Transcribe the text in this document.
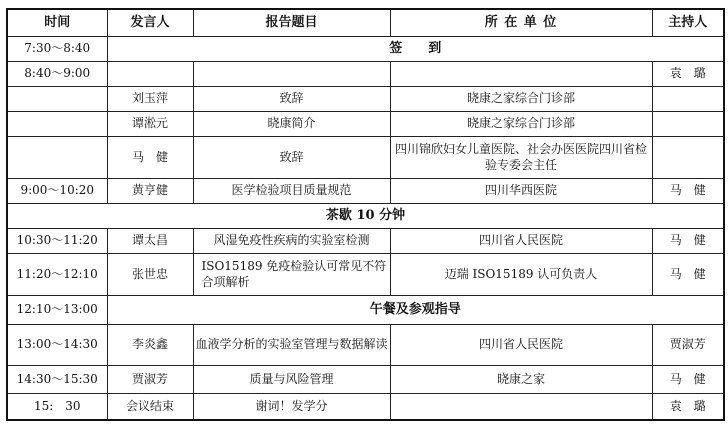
时间	发言人	报告题目	所 在 单 位	主持人
7:30～8:40	签　　到			
8:40～9:00				袁　璐
	刘玉萍	致辞	晓康之家综合门诊部	
	谭淞元	晓康简介	晓康之家综合门诊部	
	马　健	致辞	四川锦欣妇女儿童医院、社会办医医院四川省检验专委会主任	
9:00～10:20	黄亨健	医学检验项目质量规范	四川华西医院	马　健
茶歇 10 分钟				
10:30～11:20	谭太昌	风湿免疫性疾病的实验室检测	四川省人民医院	马　健
11:20～12:10	张世忠	ISO15189 免疫检验认可常见不符合项解析	迈瑞 ISO15189 认可负责人	马　健
12:10～13:00	午餐及参观指导			
13:00～14:30	李炎鑫	血液学分析的实验室管理与数据解读	四川省人民医院	贾淑芳
14:30～15:30	贾淑芳	质量与风险管理	晓康之家	马　健
15:　30	会议结束	谢词！发学分		袁　璐
